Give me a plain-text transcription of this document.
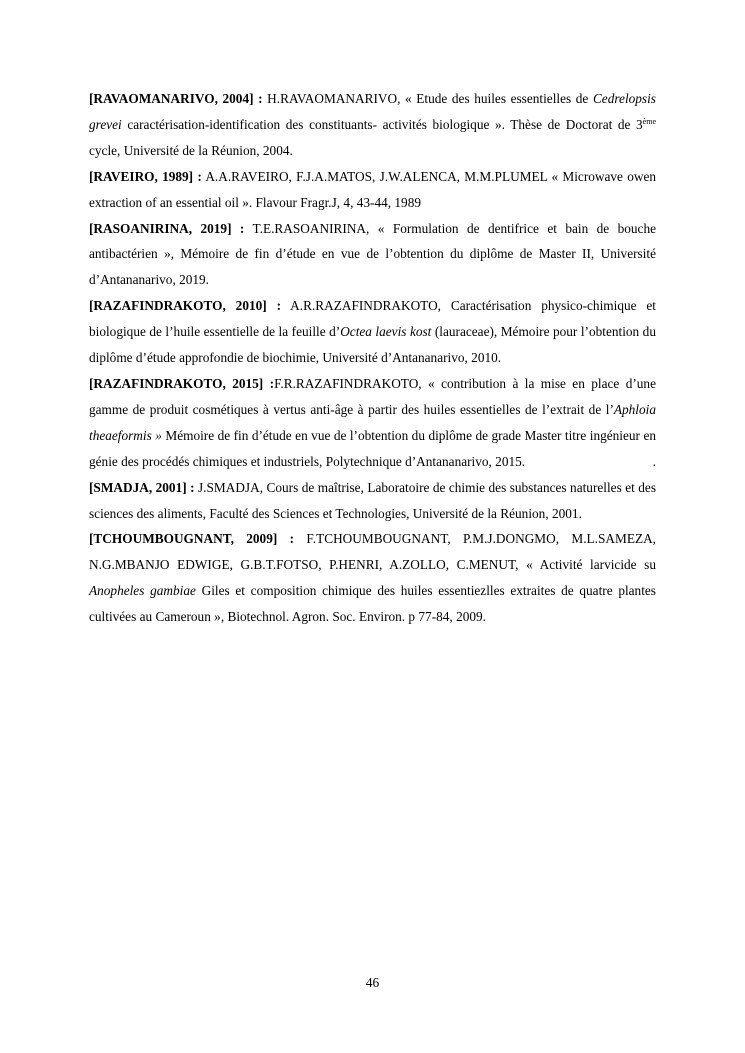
[RAVAOMANARIVO, 2004] : H.RAVAOMANARIVO, « Etude des huiles essentielles de Cedrelopsis grevei caractérisation-identification des constituants- activités biologique ». Thèse de Doctorat de 3ème cycle, Université de la Réunion, 2004.

[RAVEIRO, 1989] : A.A.RAVEIRO, F.J.A.MATOS, J.W.ALENCA, M.M.PLUMEL « Microwave owen extraction of an essential oil ». Flavour Fragr.J, 4, 43-44, 1989

[RASOANIRINA, 2019] : T.E.RASOANIRINA, « Formulation de dentifrice et bain de bouche antibactérien », Mémoire de fin d’étude en vue de l’obtention du diplôme de Master II, Université d’Antananarivo, 2019.

[RAZAFINDRAKOTO, 2010] : A.R.RAZAFINDRAKOTO, Caractérisation physico-chimique et biologique de l’huile essentielle de la feuille d’Octea laevis kost (lauraceae), Mémoire pour l’obtention du diplôme d’étude approfondie de biochimie, Université d’Antananarivo, 2010.

[RAZAFINDRAKOTO, 2015] :F.R.RAZAFINDRAKOTO, « contribution à la mise en place d’une gamme de produit cosmétiques à vertus anti-âge à partir des huiles essentielles de l’extrait de l’Aphloia theaeformis » Mémoire de fin d’étude en vue de l’obtention du diplôme de grade Master titre ingénieur en génie des procédés chimiques et industriels, Polytechnique d’Antananarivo, 2015.	.

[SMADJA, 2001] : J.SMADJA, Cours de maîtrise, Laboratoire de chimie des substances naturelles et des sciences des aliments, Faculté des Sciences et Technologies, Université de la Réunion, 2001.

[TCHOUMBOUGNANT, 2009] : F.TCHOUMBOUGNANT, P.M.J.DONGMO, M.L.SAMEZA, N.G.MBANJO EDWIGE, G.B.T.FOTSO, P.HENRI, A.ZOLLO, C.MENUT, « Activité larvicide su Anopheles gambiae Giles et composition chimique des huiles essentiezlles extraites de quatre plantes cultivées au Cameroun », Biotechnol. Agron. Soc. Environ. p 77-84, 2009.

46
